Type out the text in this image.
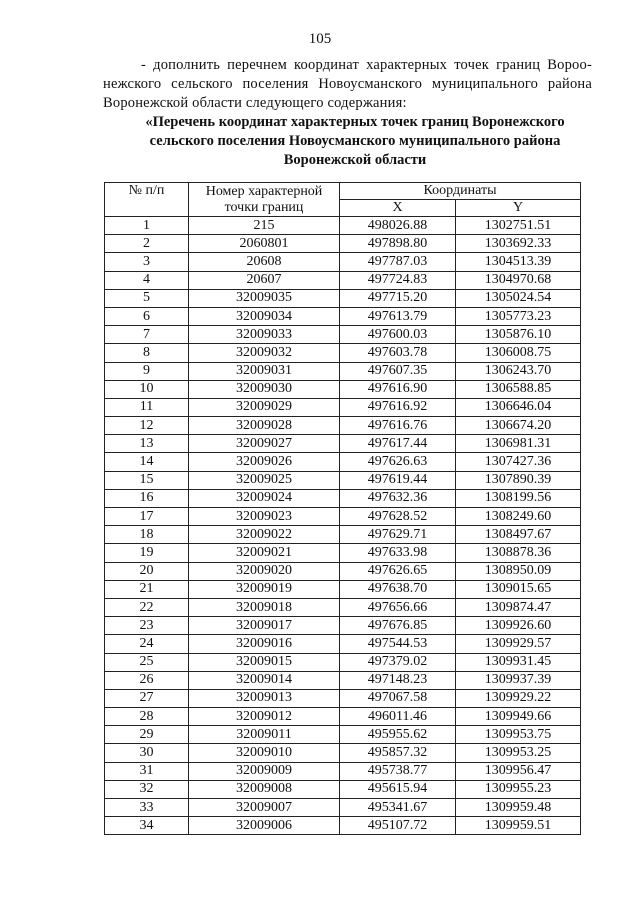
105

- дополнить перечнем координат характерных точек границ Вороо-нежского сельского поселения Новоусманского муниципального района Воронежской области следующего содержания:

«Перечень координат характерных точек границ Воронежского
сельского поселения Новоусманского муниципального района
Воронежской области
№ п/п	Номер характерной точки границ	Координаты	
		X	Y
1	215	498026.88	1302751.51
2	2060801	497898.80	1303692.33
3	20608	497787.03	1304513.39
4	20607	497724.83	1304970.68
5	32009035	497715.20	1305024.54
6	32009034	497613.79	1305773.23
7	32009033	497600.03	1305876.10
8	32009032	497603.78	1306008.75
9	32009031	497607.35	1306243.70
10	32009030	497616.90	1306588.85
11	32009029	497616.92	1306646.04
12	32009028	497616.76	1306674.20
13	32009027	497617.44	1306981.31
14	32009026	497626.63	1307427.36
15	32009025	497619.44	1307890.39
16	32009024	497632.36	1308199.56
17	32009023	497628.52	1308249.60
18	32009022	497629.71	1308497.67
19	32009021	497633.98	1308878.36
20	32009020	497626.65	1308950.09
21	32009019	497638.70	1309015.65
22	32009018	497656.66	1309874.47
23	32009017	497676.85	1309926.60
24	32009016	497544.53	1309929.57
25	32009015	497379.02	1309931.45
26	32009014	497148.23	1309937.39
27	32009013	497067.58	1309929.22
28	32009012	496011.46	1309949.66
29	32009011	495955.62	1309953.75
30	32009010	495857.32	1309953.25
31	32009009	495738.77	1309956.47
32	32009008	495615.94	1309955.23
33	32009007	495341.67	1309959.48
34	32009006	495107.72	1309959.51
